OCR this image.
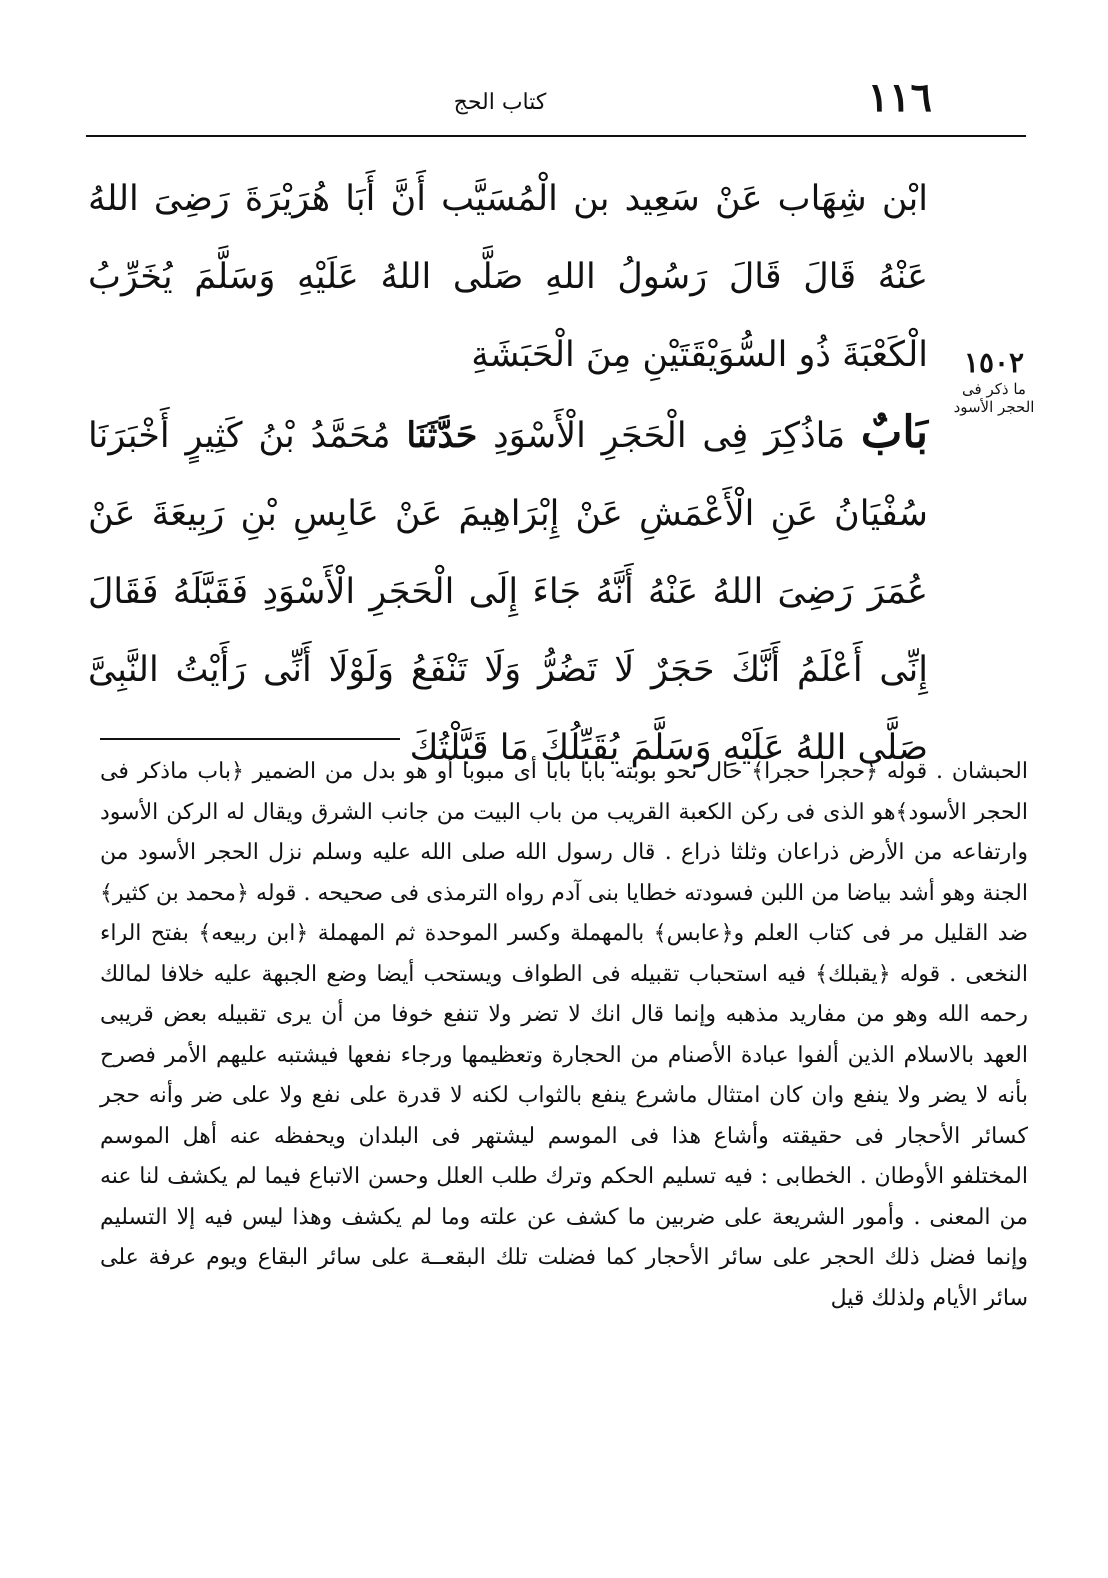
١١٦
كتاب الحج
ابْن شِهَاب عَنْ سَعِيد بن الْمُسَيَّب أَنَّ أَبَا هُرَيْرَةَ رَضِىَ اللهُ عَنْهُ قَالَ قَالَ رَسُولُ اللهِ صَلَّى اللهُ عَلَيْهِ وَسَلَّمَ يُخَرِّبُ الْكَعْبَةَ ذُو السُّوَيْقَتَيْنِ مِنَ الْحَبَشَةِ
بَابٌ مَاذُكِرَ فِى الْحَجَرِ الْأَسْوَدِ حَدَّثَنَا مُحَمَّدُ بْنُ كَثِيرٍ أَخْبَرَنَا سُفْيَانُ عَنِ الْأَعْمَشِ عَنْ إِبْرَاهِيمَ عَنْ عَابِسِ بْنِ رَبِيعَةَ عَنْ عُمَرَ رَضِىَ اللهُ عَنْهُ أَنَّهُ جَاءَ إِلَى الْحَجَرِ الْأَسْوَدِ فَقَبَّلَهُ فَقَالَ إِنِّى أَعْلَمُ أَنَّكَ حَجَرٌ لَا تَضُرُّ وَلَا تَنْفَعُ وَلَوْلَا أَنِّى رَأَيْتُ النَّبِىَّ صَلَّى اللهُ عَلَيْهِ وَسَلَّمَ يُقَبِّلُكَ مَا قَبَّلْتُكَ
١٥٠٢
ما ذكر فى الحجر الأسود
الحبشان . قوله ﴿حجرا حجرا﴾ حال نحو بوبته بابا بابا أى مبوبا أو هو بدل من الضمير ﴿باب ماذكر فى الحجر الأسود﴾هو الذى فى ركن الكعبة القريب من باب البيت من جانب الشرق ويقال له الركن الأسود وارتفاعه من الأرض ذراعان وثلثا ذراع . قال رسول الله صلى الله عليه وسلم نزل الحجر الأسود من الجنة وهو أشد بياضا من اللبن فسودته خطايا بنى آدم رواه الترمذى فى صحيحه . قوله ﴿محمد بن كثير﴾ ضد القليل مر فى كتاب العلم و﴿عابس﴾ بالمهملة وكسر الموحدة ثم المهملة ﴿ابن ربيعه﴾ بفتح الراء النخعى . قوله ﴿يقبلك﴾ فيه استحباب تقبيله فى الطواف ويستحب أيضا وضع الجبهة عليه خلافا لمالك رحمه الله وهو من مفاريد مذهبه وإنما قال انك لا تضر ولا تنفع خوفا من أن يرى تقبيله بعض قريبى العهد بالاسلام الذين ألفوا عبادة الأصنام من الحجارة وتعظيمها ورجاء نفعها فيشتبه عليهم الأمر فصرح بأنه لا يضر ولا ينفع وان كان امتثال ماشرع ينفع بالثواب لكنه لا قدرة على نفع ولا على ضر وأنه حجر كسائر الأحجار فى حقيقته وأشاع هذا فى الموسم ليشتهر فى البلدان ويحفظه عنه أهل الموسم المختلفو الأوطان . الخطابى : فيه تسليم الحكم وترك طلب العلل وحسن الاتباع فيما لم يكشف لنا عنه من المعنى . وأمور الشريعة على ضربين ما كشف عن علته وما لم يكشف وهذا ليس فيه إلا التسليم وإنما فضل ذلك الحجر على سائر الأحجار كما فضلت تلك البقعــة على سائر البقاع ويوم عرفة على سائر الأيام ولذلك قيل
